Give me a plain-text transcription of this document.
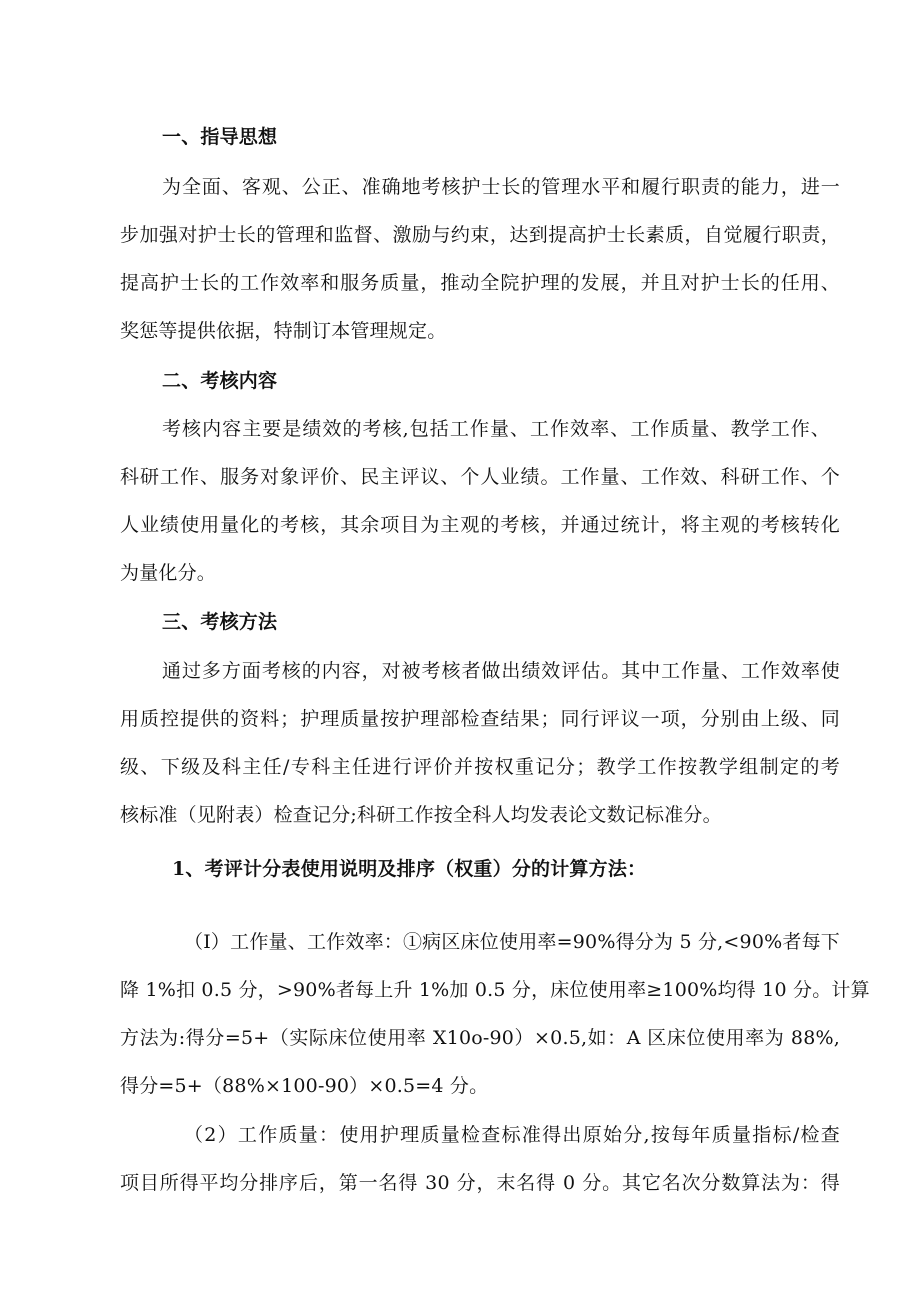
一、指导思想
为全面、客观、公正、准确地考核护士长的管理水平和履行职责的能力，进一
步加强对护士长的管理和监督、激励与约束，达到提高护士长素质，自觉履行职责，
提高护士长的工作效率和服务质量，推动全院护理的发展，并且对护士长的任用、
奖惩等提供依据，特制订本管理规定。
二、考核内容
考核内容主要是绩效的考核,包括工作量、工作效率、工作质量、教学工作、
科研工作、服务对象评价、民主评议、个人业绩。工作量、工作效、科研工作、个
人业绩使用量化的考核，其余项目为主观的考核，并通过统计，将主观的考核转化
为量化分。
三、考核方法
通过多方面考核的内容，对被考核者做出绩效评估。其中工作量、工作效率使
用质控提供的资料；护理质量按护理部检查结果；同行评议一项，分别由上级、同
级、下级及科主任/专科主任进行评价并按权重记分；教学工作按教学组制定的考
核标准（见附表）检查记分;科研工作按全科人均发表论文数记标准分。
1、考评计分表使用说明及排序（权重）分的计算方法：
（I）工作量、工作效率：①病区床位使用率=90%得分为 5 分,<90%者每下
降 1%扣 0.5 分，>90%者每上升 1%加 0.5 分，床位使用率≥100%均得 10 分。计算
方法为:得分=5+（实际床位使用率 X10o-90）×0.5,如：A 区床位使用率为 88%,
得分=5+（88%×100-90）×0.5=4 分。
（2）工作质量：使用护理质量检查标准得出原始分,按每年质量指标/检查
项目所得平均分排序后，第一名得 30 分，末名得 0 分。其它名次分数算法为：得
